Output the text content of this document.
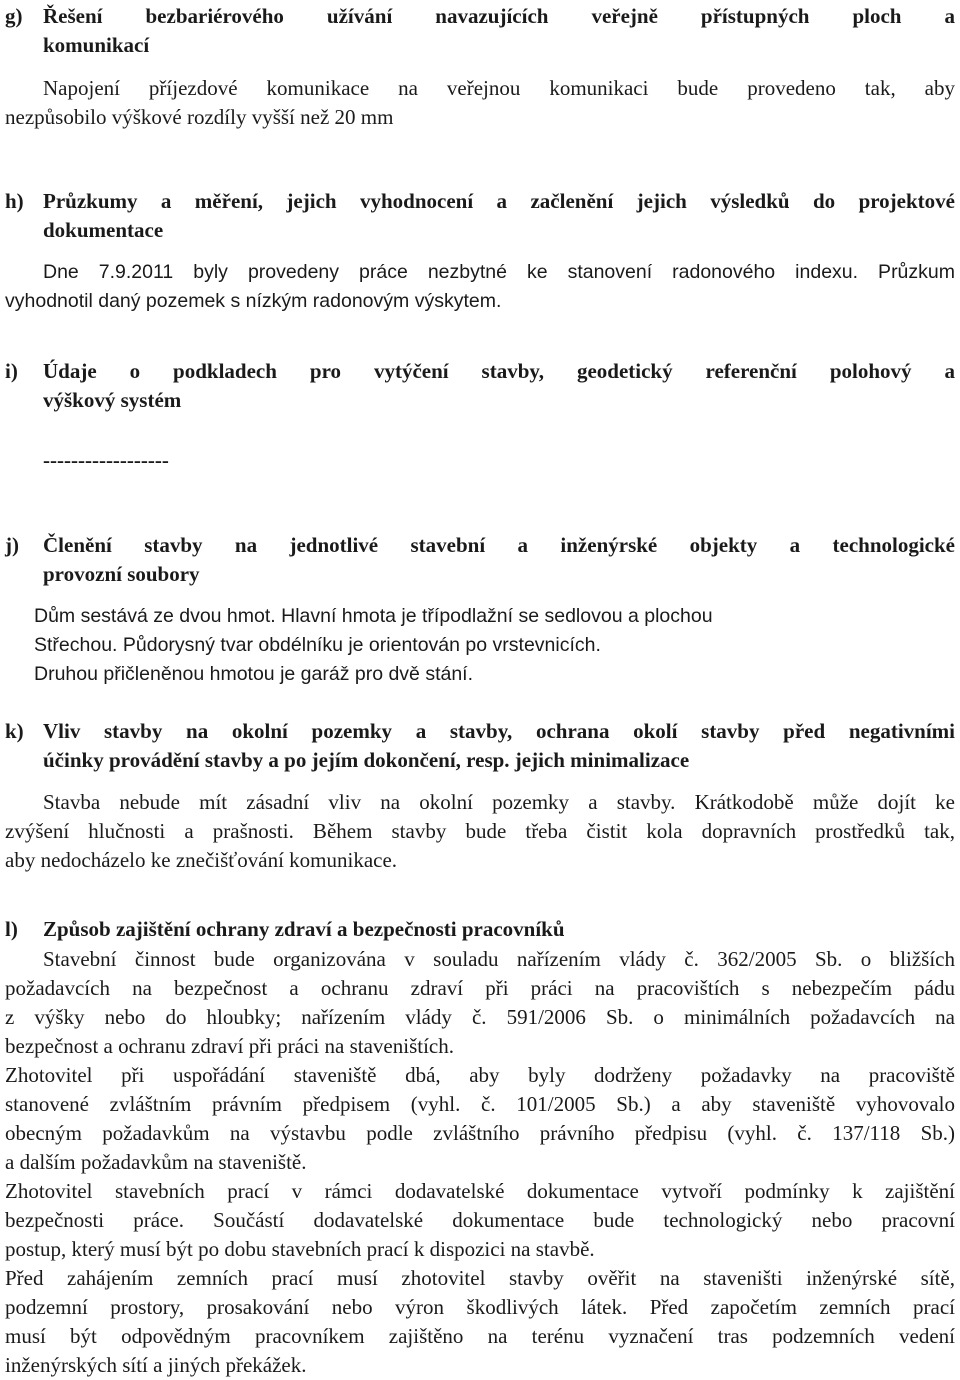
g) Řešení bezbariérového užívání navazujících veřejně přístupných ploch a
komunikací
Napojení příjezdové komunikace na veřejnou komunikaci bude provedeno tak, aby
nezpůsobilo výškové rozdíly vyšší než 20 mm
h) Průzkumy a měření, jejich vyhodnocení a začlenění jejich výsledků do projektové
dokumentace
Dne 7.9.2011 byly provedeny práce nezbytné ke stanovení radonového indexu. Průzkum
vyhodnotil daný pozemek s nízkým radonovým výskytem.
i) Údaje o podkladech pro vytýčení stavby, geodetický referenční polohový a
výškový systém
------------------
j) Členění stavby na jednotlivé stavební a inženýrské objekty a technologické
provozní soubory
Dům sestává ze dvou hmot. Hlavní hmota je třípodlažní se sedlovou a plochou
Střechou. Půdorysný tvar obdélníku je orientován po vrstevnicích.
Druhou přičleněnou hmotou je garáž pro dvě stání.
k) Vliv stavby na okolní pozemky a stavby, ochrana okolí stavby před negativními
účinky provádění stavby a po jejím dokončení, resp. jejich minimalizace
Stavba nebude mít zásadní vliv na okolní pozemky a stavby. Krátkodobě může dojít ke
zvýšení hlučnosti a prašnosti. Během stavby bude třeba čistit kola dopravních prostředků tak,
aby nedocházelo ke znečišťování komunikace.
l) Způsob zajištění ochrany zdraví a bezpečnosti pracovníků
Stavební činnost bude organizována v souladu nařízením vlády č. 362/2005 Sb. o bližších
požadavcích na bezpečnost a ochranu zdraví při práci na pracovištích s nebezpečím pádu
z výšky nebo do hloubky; nařízením vlády č. 591/2006 Sb. o minimálních požadavcích na
bezpečnost a ochranu zdraví při práci na staveništích.
Zhotovitel při uspořádání staveniště dbá, aby byly dodrženy požadavky na pracoviště
stanovené zvláštním právním předpisem (vyhl. č. 101/2005 Sb.) a aby staveniště vyhovovalo
obecným požadavkům na výstavbu podle zvláštního právního předpisu (vyhl. č. 137/118 Sb.)
a dalším požadavkům na staveniště.
Zhotovitel stavebních prací v rámci dodavatelské dokumentace vytvoří podmínky k zajištění
bezpečnosti práce. Součástí dodavatelské dokumentace bude technologický nebo pracovní
postup, který musí být po dobu stavebních prací k dispozici na stavbě.
Před zahájením zemních prací musí zhotovitel stavby ověřit na staveništi inženýrské sítě,
podzemní prostory, prosakování nebo výron škodlivých látek. Před započetím zemních prací
musí být odpovědným pracovníkem zajištěno na terénu vyznačení tras podzemních vedení
inženýrských sítí a jiných překážek.
